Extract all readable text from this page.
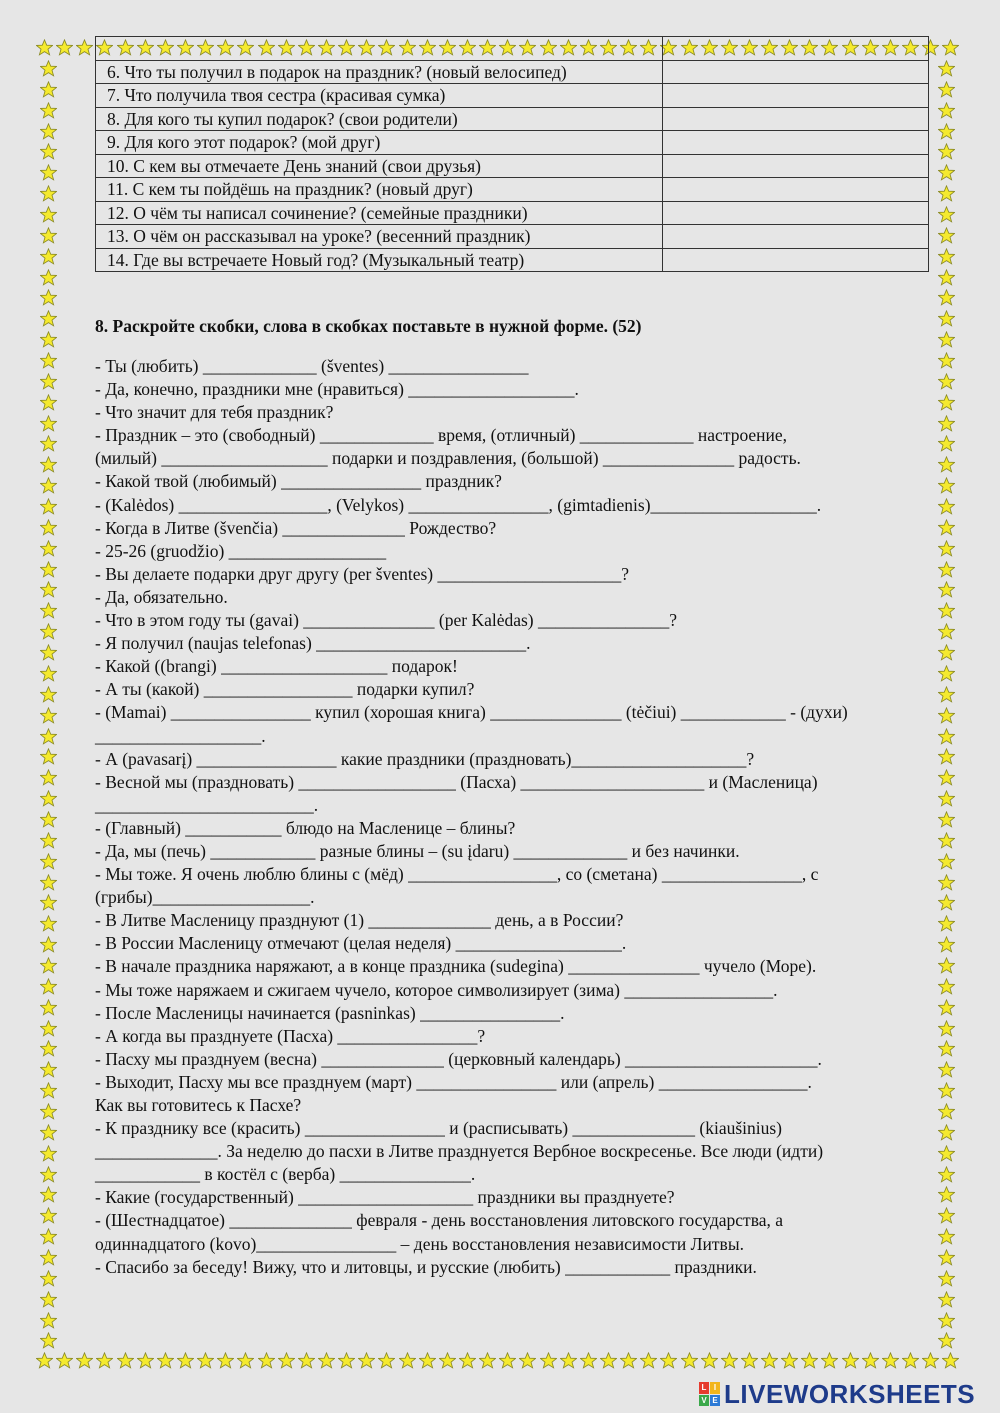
6. Что ты получил в подарок на праздник? (новый велосипед)	
7. Что получила твоя сестра (красивая сумка)	
8. Для кого ты купил подарок? (свои родители)	
9. Для кого этот подарок? (мой друг)	
10. С кем вы отмечаете День знаний (свои друзья)	
11. С кем ты пойдёшь на праздник? (новый друг)	
12. О чём ты написал сочинение? (семейные праздники)	
13. О чём он рассказывал на уроке? (весенний праздник)	
14. Где вы встречаете Новый год? (Музыкальный театр)	
8. Раскройте скобки, слова в скобках поставьте в нужной форме. (52)
- Ты (любить) _____________ (šventes) ________________
- Да, конечно, праздники мне (нравиться) ___________________.
- Что значит для тебя праздник?
- Праздник – это (свободный) _____________ время, (отличный) _____________ настроение,
(милый) ___________________ подарки и поздравления, (большой) _______________ радость.
- Какой твой (любимый) ________________ праздник?
- (Kalėdos) _________________, (Velykos) ________________, (gimtadienis)___________________.
- Когда в Литве (švenčia) ______________ Рождество?
- 25-26 (gruodžio) __________________
- Вы делаете подарки друг другу (per šventes) _____________________?
- Да, обязательно.
- Что в этом году ты (gavai) _______________ (per Kalėdas) _______________?
- Я получил (naujas telefonas) ________________________.
- Какой ((brangi) ___________________ подарок!
- А ты (какой) _________________ подарки купил?
- (Mamai) ________________ купил (хорошая книга) _______________ (tėčiui) ____________ - (духи)
___________________.
- А (pavasarį) ________________ какие праздники (праздновать)____________________?
- Весной мы (праздновать) __________________ (Пасха) _____________________ и (Масленица)
_________________________.
- (Главный) ___________ блюдо на Масленице – блины?
- Да, мы (печь) ____________ разные блины – (su įdaru) _____________ и без начинки.
- Мы тоже. Я очень люблю блины с (мёд) _________________, со (сметана) ________________, с
(грибы)__________________.
- В Литве Масленицу празднуют (1) ______________ день, а в России?
- В России Масленицу отмечают (целая неделя) ___________________.
- В начале праздника наряжают, а в конце праздника (sudegina) _______________ чучело (Море).
- Мы тоже наряжаем и сжигаем чучело, которое символизирует (зима) _________________.
- После Масленицы начинается (pasninkas) ________________.
- А когда вы празднуете (Пасха) ________________?
- Пасху мы празднуем (весна) ______________ (церковный календарь) ______________________.
- Выходит, Пасху мы все празднуем (март) ________________ или (апрель) _________________.
Как вы готовитесь к Пасхе?
- К празднику все (красить) ________________ и (расписывать) ______________ (kiaušinius)
______________. За неделю до пасхи в Литве празднуется Вербное воскресенье. Все люди (идти)
____________ в костёл с (верба) _______________.
- Какие (государственный) ____________________ праздники вы празднуете?
- (Шестнадцатое) ______________ февраля - день восстановления литовского государства, а
одиннадцатого (kovo)________________ – день восстановления независимости Литвы.
- Спасибо за беседу! Вижу, что и литовцы, и русские (любить) ____________ праздники.
L I
V E LIVEWORKSHEETS
